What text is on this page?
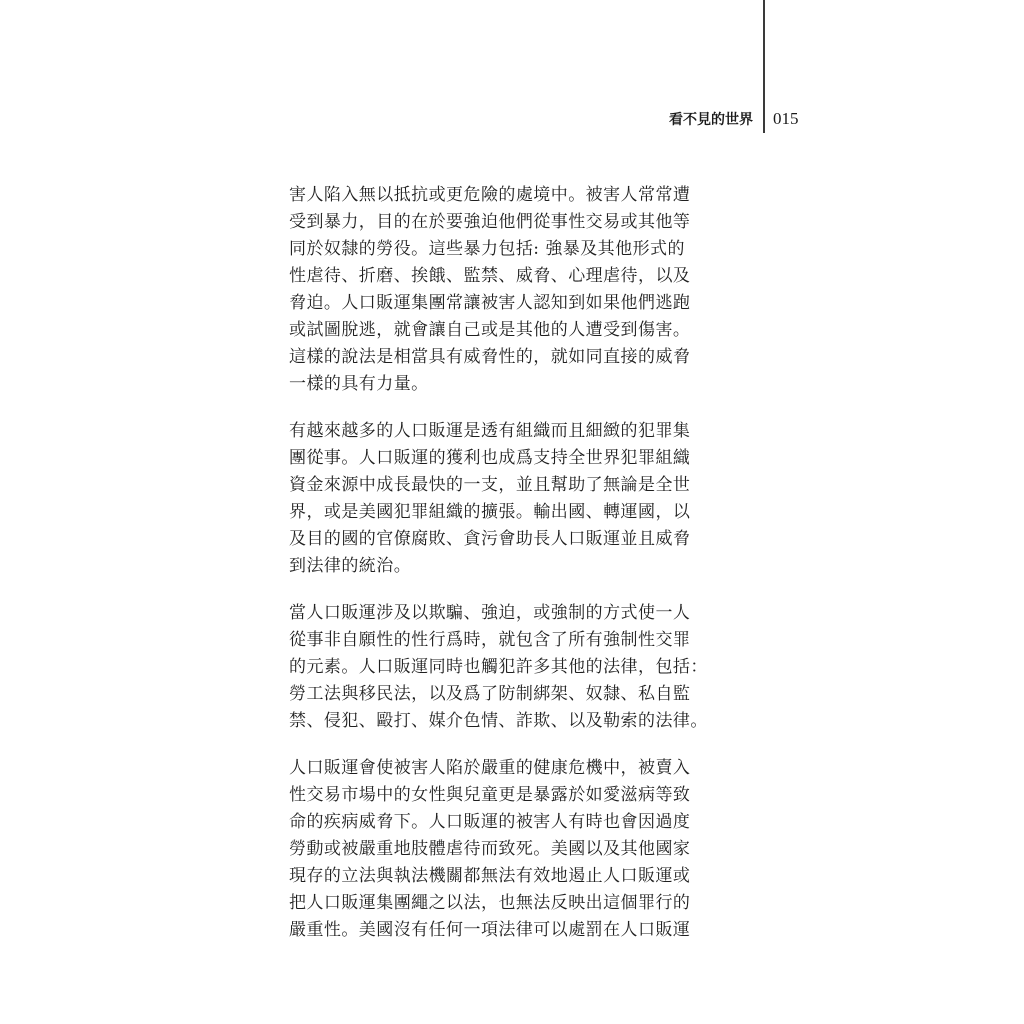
看不見的世界 015
害人陷入無以抵抗或更危險的處境中。被害人常常遭
受到暴力，目的在於要強迫他們從事性交易或其他等
同於奴隸的勞役。這些暴力包括: 強暴及其他形式的
性虐待、折磨、挨餓、監禁、威脅、心理虐待，以及
脅迫。人口販運集團常讓被害人認知到如果他們逃跑
或試圖脫逃，就會讓自己或是其他的人遭受到傷害。
這樣的說法是相當具有威脅性的，就如同直接的威脅
一樣的具有力量。
有越來越多的人口販運是透有組織而且細緻的犯罪集
團從事。人口販運的獲利也成爲支持全世界犯罪組織
資金來源中成長最快的一支，並且幫助了無論是全世
界，或是美國犯罪組織的擴張。輸出國、轉運國，以
及目的國的官僚腐敗、貪污會助長人口販運並且威脅
到法律的統治。
當人口販運涉及以欺騙、強迫，或強制的方式使一人
從事非自願性的性行爲時，就包含了所有強制性交罪
的元素。人口販運同時也觸犯許多其他的法律，包括：
勞工法與移民法，以及爲了防制綁架、奴隸、私自監
禁、侵犯、毆打、媒介色情、詐欺、以及勒索的法律。
人口販運會使被害人陷於嚴重的健康危機中，被賣入
性交易市場中的女性與兒童更是暴露於如愛滋病等致
命的疾病威脅下。人口販運的被害人有時也會因過度
勞動或被嚴重地肢體虐待而致死。美國以及其他國家
現存的立法與執法機關都無法有效地遏止人口販運或
把人口販運集團繩之以法，也無法反映出這個罪行的
嚴重性。美國沒有任何一項法律可以處罰在人口販運
